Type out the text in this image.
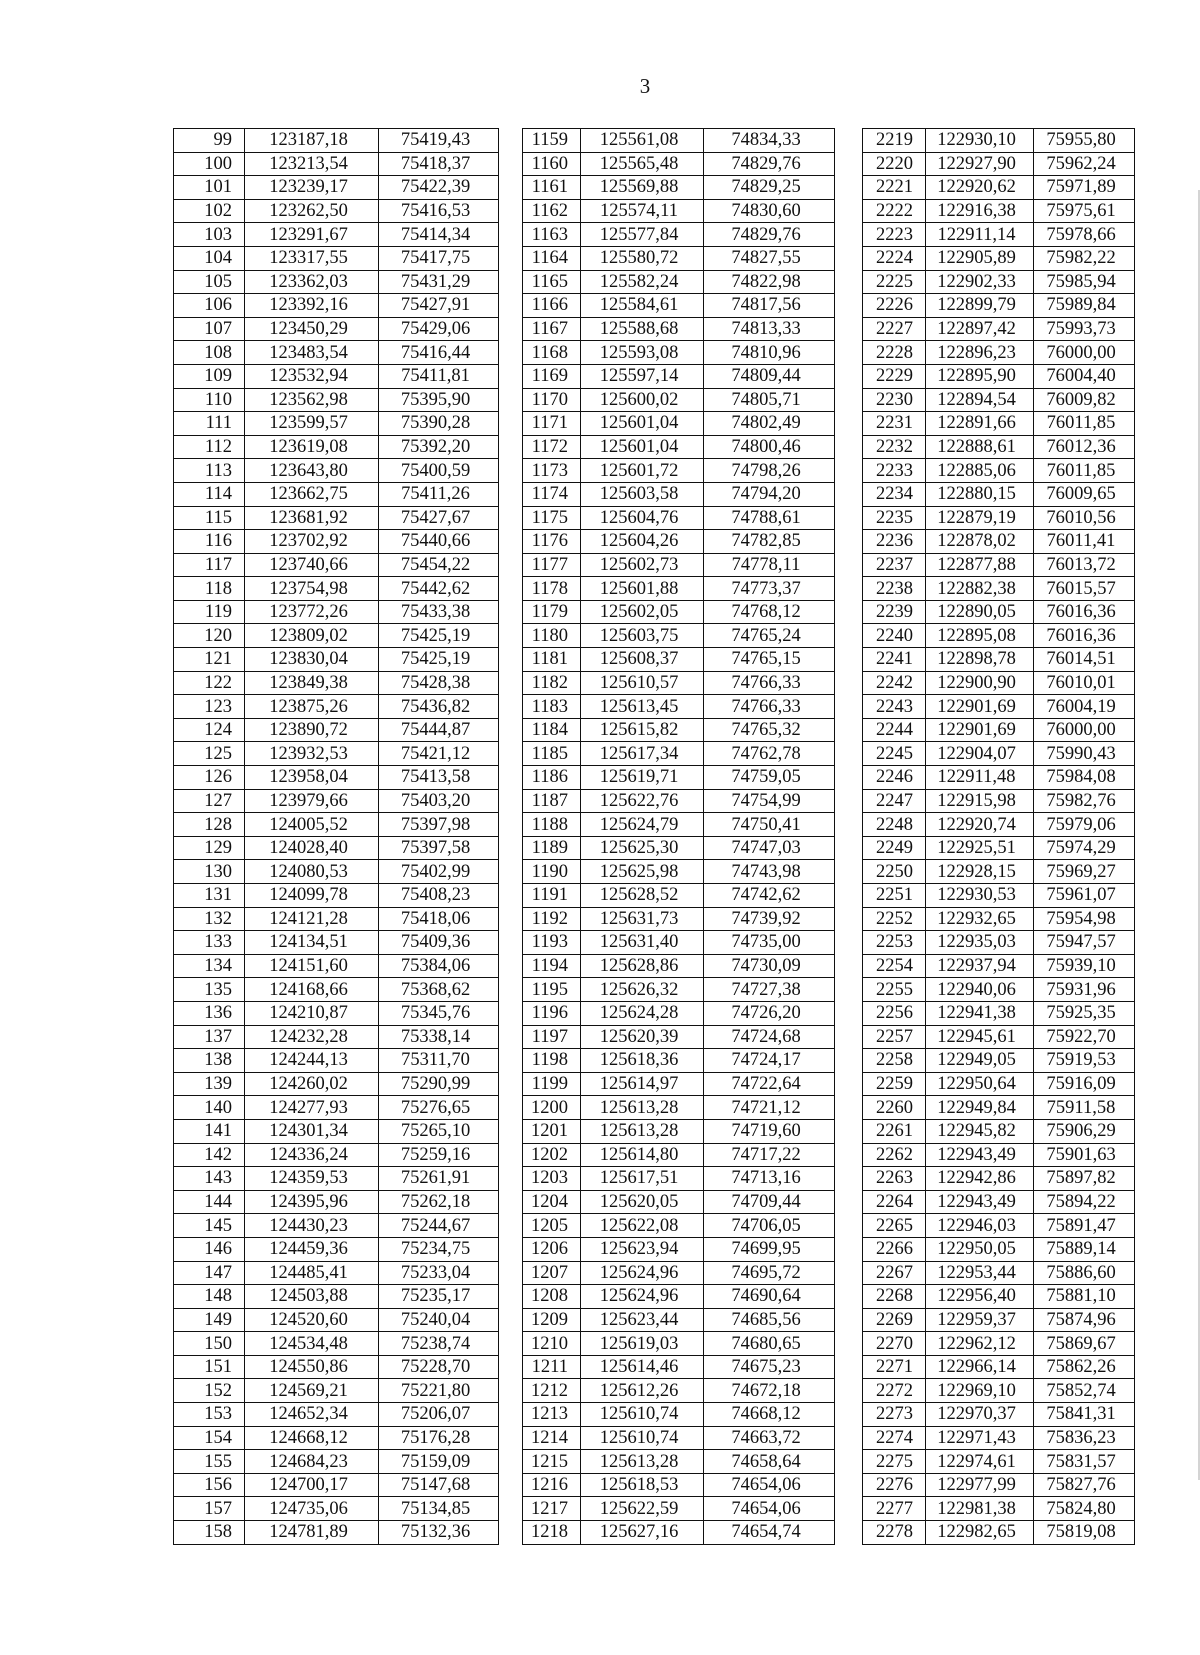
3
99	123187,18	75419,43		1159	125561,08	74834,33		2219	122930,10	75955,80
100	123213,54	75418,37		1160	125565,48	74829,76		2220	122927,90	75962,24
101	123239,17	75422,39		1161	125569,88	74829,25		2221	122920,62	75971,89
102	123262,50	75416,53		1162	125574,11	74830,60		2222	122916,38	75975,61
103	123291,67	75414,34		1163	125577,84	74829,76		2223	122911,14	75978,66
104	123317,55	75417,75		1164	125580,72	74827,55		2224	122905,89	75982,22
105	123362,03	75431,29		1165	125582,24	74822,98		2225	122902,33	75985,94
106	123392,16	75427,91		1166	125584,61	74817,56		2226	122899,79	75989,84
107	123450,29	75429,06		1167	125588,68	74813,33		2227	122897,42	75993,73
108	123483,54	75416,44		1168	125593,08	74810,96		2228	122896,23	76000,00
109	123532,94	75411,81		1169	125597,14	74809,44		2229	122895,90	76004,40
110	123562,98	75395,90		1170	125600,02	74805,71		2230	122894,54	76009,82
111	123599,57	75390,28		1171	125601,04	74802,49		2231	122891,66	76011,85
112	123619,08	75392,20		1172	125601,04	74800,46		2232	122888,61	76012,36
113	123643,80	75400,59		1173	125601,72	74798,26		2233	122885,06	76011,85
114	123662,75	75411,26		1174	125603,58	74794,20		2234	122880,15	76009,65
115	123681,92	75427,67		1175	125604,76	74788,61		2235	122879,19	76010,56
116	123702,92	75440,66		1176	125604,26	74782,85		2236	122878,02	76011,41
117	123740,66	75454,22		1177	125602,73	74778,11		2237	122877,88	76013,72
118	123754,98	75442,62		1178	125601,88	74773,37		2238	122882,38	76015,57
119	123772,26	75433,38		1179	125602,05	74768,12		2239	122890,05	76016,36
120	123809,02	75425,19		1180	125603,75	74765,24		2240	122895,08	76016,36
121	123830,04	75425,19		1181	125608,37	74765,15		2241	122898,78	76014,51
122	123849,38	75428,38		1182	125610,57	74766,33		2242	122900,90	76010,01
123	123875,26	75436,82		1183	125613,45	74766,33		2243	122901,69	76004,19
124	123890,72	75444,87		1184	125615,82	74765,32		2244	122901,69	76000,00
125	123932,53	75421,12		1185	125617,34	74762,78		2245	122904,07	75990,43
126	123958,04	75413,58		1186	125619,71	74759,05		2246	122911,48	75984,08
127	123979,66	75403,20		1187	125622,76	74754,99		2247	122915,98	75982,76
128	124005,52	75397,98		1188	125624,79	74750,41		2248	122920,74	75979,06
129	124028,40	75397,58		1189	125625,30	74747,03		2249	122925,51	75974,29
130	124080,53	75402,99		1190	125625,98	74743,98		2250	122928,15	75969,27
131	124099,78	75408,23		1191	125628,52	74742,62		2251	122930,53	75961,07
132	124121,28	75418,06		1192	125631,73	74739,92		2252	122932,65	75954,98
133	124134,51	75409,36		1193	125631,40	74735,00		2253	122935,03	75947,57
134	124151,60	75384,06		1194	125628,86	74730,09		2254	122937,94	75939,10
135	124168,66	75368,62		1195	125626,32	74727,38		2255	122940,06	75931,96
136	124210,87	75345,76		1196	125624,28	74726,20		2256	122941,38	75925,35
137	124232,28	75338,14		1197	125620,39	74724,68		2257	122945,61	75922,70
138	124244,13	75311,70		1198	125618,36	74724,17		2258	122949,05	75919,53
139	124260,02	75290,99		1199	125614,97	74722,64		2259	122950,64	75916,09
140	124277,93	75276,65		1200	125613,28	74721,12		2260	122949,84	75911,58
141	124301,34	75265,10		1201	125613,28	74719,60		2261	122945,82	75906,29
142	124336,24	75259,16		1202	125614,80	74717,22		2262	122943,49	75901,63
143	124359,53	75261,91		1203	125617,51	74713,16		2263	122942,86	75897,82
144	124395,96	75262,18		1204	125620,05	74709,44		2264	122943,49	75894,22
145	124430,23	75244,67		1205	125622,08	74706,05		2265	122946,03	75891,47
146	124459,36	75234,75		1206	125623,94	74699,95		2266	122950,05	75889,14
147	124485,41	75233,04		1207	125624,96	74695,72		2267	122953,44	75886,60
148	124503,88	75235,17		1208	125624,96	74690,64		2268	122956,40	75881,10
149	124520,60	75240,04		1209	125623,44	74685,56		2269	122959,37	75874,96
150	124534,48	75238,74		1210	125619,03	74680,65		2270	122962,12	75869,67
151	124550,86	75228,70		1211	125614,46	74675,23		2271	122966,14	75862,26
152	124569,21	75221,80		1212	125612,26	74672,18		2272	122969,10	75852,74
153	124652,34	75206,07		1213	125610,74	74668,12		2273	122970,37	75841,31
154	124668,12	75176,28		1214	125610,74	74663,72		2274	122971,43	75836,23
155	124684,23	75159,09		1215	125613,28	74658,64		2275	122974,61	75831,57
156	124700,17	75147,68		1216	125618,53	74654,06		2276	122977,99	75827,76
157	124735,06	75134,85		1217	125622,59	74654,06		2277	122981,38	75824,80
158	124781,89	75132,36		1218	125627,16	74654,74		2278	122982,65	75819,08
